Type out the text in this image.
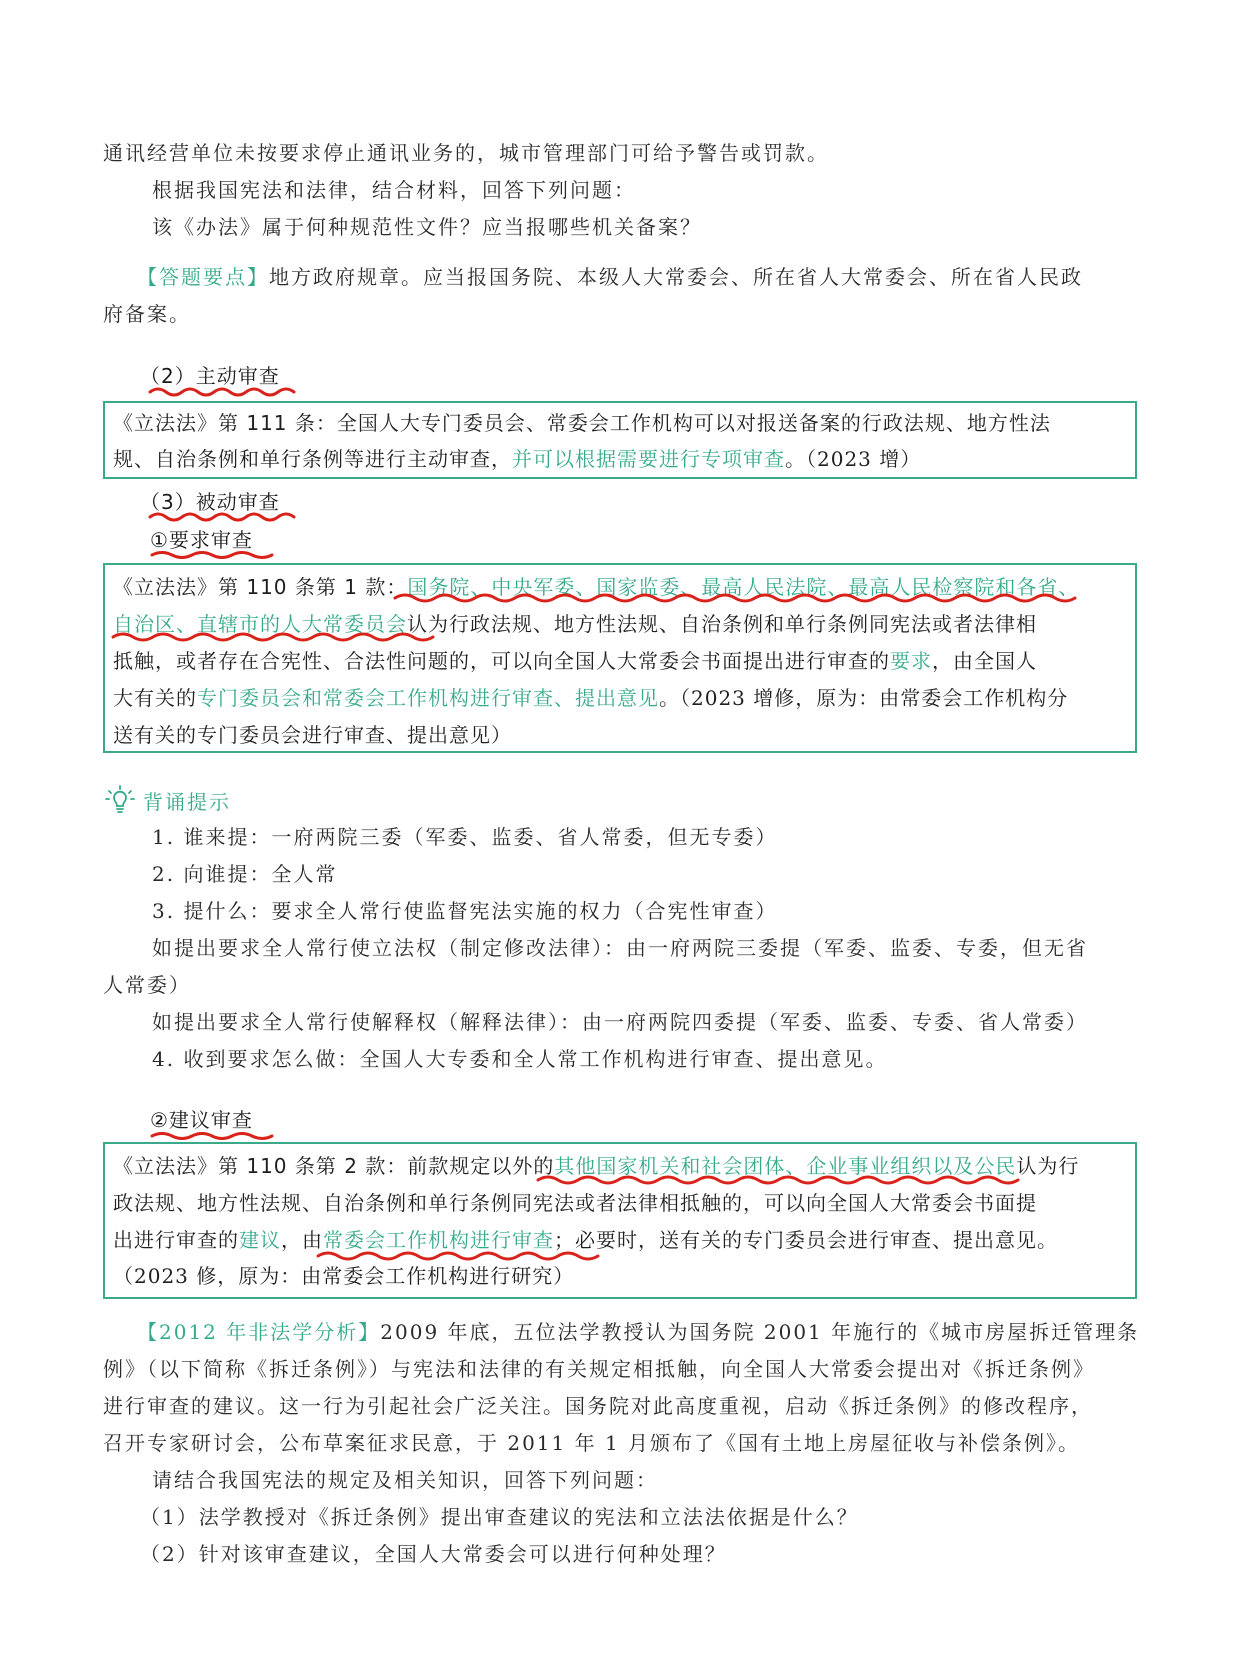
通讯经营单位未按要求停止通讯业务的，城市管理部门可给予警告或罚款。
根据我国宪法和法律，结合材料，回答下列问题：
该《办法》属于何种规范性文件？应当报哪些机关备案？
【答题要点】地方政府规章。应当报国务院、本级人大常委会、所在省人大常委会、所在省人民政
府备案。
（2）主动审查
《立法法》第 111 条：全国人大专门委员会、常委会工作机构可以对报送备案的行政法规、地方性法
规、自治条例和单行条例等进行主动审查，并可以根据需要进行专项审查。（2023 增）
（3）被动审查
①要求审查
《立法法》第 110 条第 1 款：国务院、中央军委、国家监委、最高人民法院、最高人民检察院和各省、
自治区、直辖市的人大常委员会认为行政法规、地方性法规、自治条例和单行条例同宪法或者法律相
抵触，或者存在合宪性、合法性问题的，可以向全国人大常委会书面提出进行审查的要求，由全国人
大有关的专门委员会和常委会工作机构进行审查、提出意见。（2023 增修，原为：由常委会工作机构分
送有关的专门委员会进行审查、提出意见）
背诵提示
1. 谁来提：一府两院三委（军委、监委、省人常委，但无专委）
2. 向谁提：全人常
3. 提什么：要求全人常行使监督宪法实施的权力（合宪性审查）
如提出要求全人常行使立法权（制定修改法律）：由一府两院三委提（军委、监委、专委，但无省
人常委）
如提出要求全人常行使解释权（解释法律）：由一府两院四委提（军委、监委、专委、省人常委）
4. 收到要求怎么做：全国人大专委和全人常工作机构进行审查、提出意见。
②建议审查
《立法法》第 110 条第 2 款：前款规定以外的其他国家机关和社会团体、企业事业组织以及公民认为行
政法规、地方性法规、自治条例和单行条例同宪法或者法律相抵触的，可以向全国人大常委会书面提
出进行审查的建议，由常委会工作机构进行审查；必要时，送有关的专门委员会进行审查、提出意见。
（2023 修，原为：由常委会工作机构进行研究）
【2012 年非法学分析】2009 年底，五位法学教授认为国务院 2001 年施行的《城市房屋拆迁管理条
例》（以下简称《拆迁条例》）与宪法和法律的有关规定相抵触，向全国人大常委会提出对《拆迁条例》
进行审查的建议。这一行为引起社会广泛关注。国务院对此高度重视，启动《拆迁条例》的修改程序，
召开专家研讨会，公布草案征求民意，于 2011 年 1 月颁布了《国有土地上房屋征收与补偿条例》。
请结合我国宪法的规定及相关知识，回答下列问题：
（1）法学教授对《拆迁条例》提出审查建议的宪法和立法法依据是什么？
（2）针对该审查建议，全国人大常委会可以进行何种处理？
